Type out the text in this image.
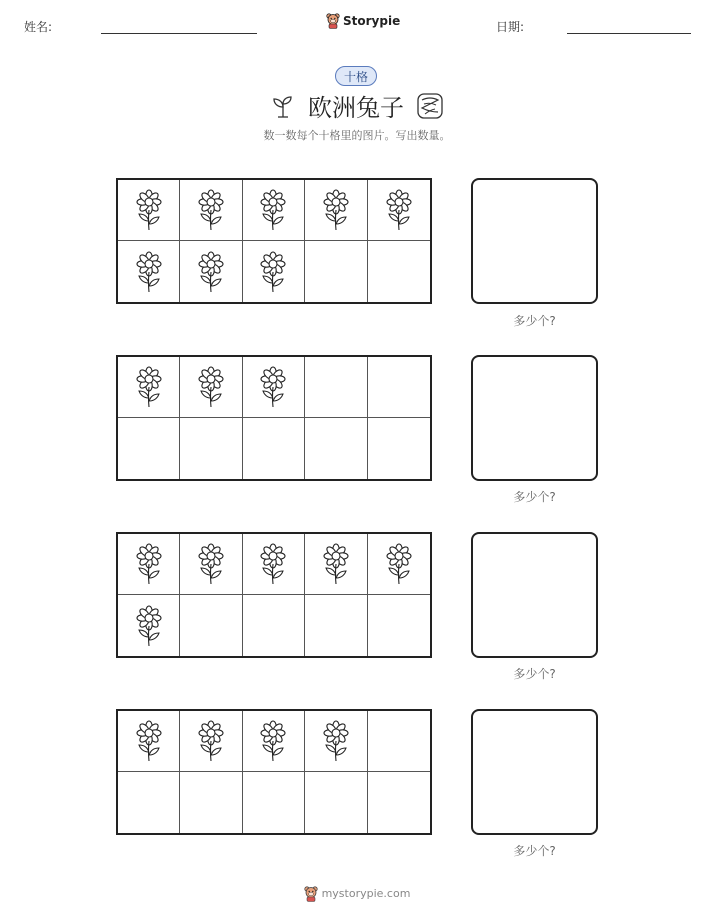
姓名:	Storypie	日期:
十格
欧洲兔子
数一数每个十格里的图片。写出数量。
多少个?
多少个?
多少个?
多少个?
mystorypie.com
